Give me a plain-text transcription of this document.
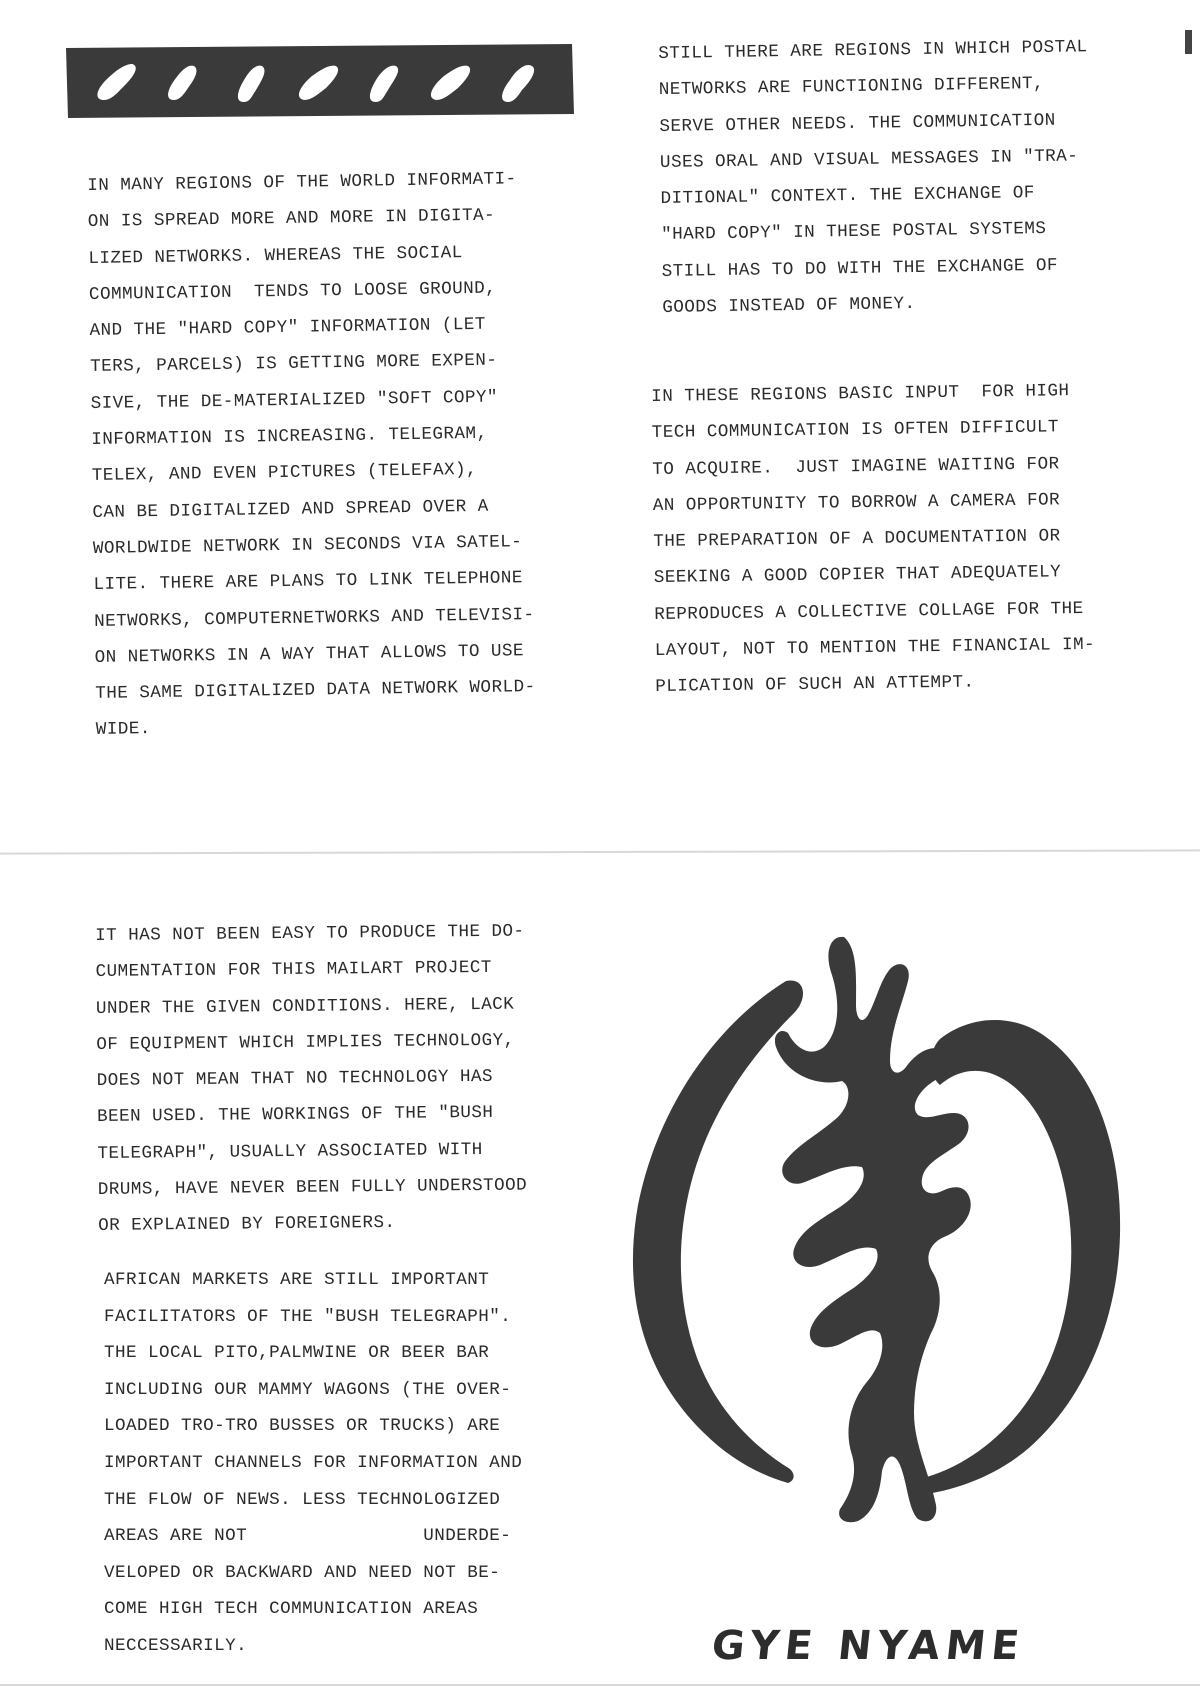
IN MANY REGIONS OF THE WORLD INFORMATI-
ON IS SPREAD MORE AND MORE IN DIGITA-
LIZED NETWORKS. WHEREAS THE SOCIAL
COMMUNICATION  TENDS TO LOOSE GROUND,
AND THE "HARD COPY" INFORMATION (LET
TERS, PARCELS) IS GETTING MORE EXPEN-
SIVE, THE DE-MATERIALIZED "SOFT COPY"
INFORMATION IS INCREASING. TELEGRAM,
TELEX, AND EVEN PICTURES (TELEFAX),
CAN BE DIGITALIZED AND SPREAD OVER A
WORLDWIDE NETWORK IN SECONDS VIA SATEL-
LITE. THERE ARE PLANS TO LINK TELEPHONE
NETWORKS, COMPUTERNETWORKS AND TELEVISI-
ON NETWORKS IN A WAY THAT ALLOWS TO USE
THE SAME DIGITALIZED DATA NETWORK WORLD-
WIDE.
STILL THERE ARE REGIONS IN WHICH POSTAL
NETWORKS ARE FUNCTIONING DIFFERENT,
SERVE OTHER NEEDS. THE COMMUNICATION
USES ORAL AND VISUAL MESSAGES IN "TRA-
DITIONAL" CONTEXT. THE EXCHANGE OF
"HARD COPY" IN THESE POSTAL SYSTEMS
STILL HAS TO DO WITH THE EXCHANGE OF
GOODS INSTEAD OF MONEY.
IN THESE REGIONS BASIC INPUT  FOR HIGH
TECH COMMUNICATION IS OFTEN DIFFICULT
TO ACQUIRE.  JUST IMAGINE WAITING FOR
AN OPPORTUNITY TO BORROW A CAMERA FOR
THE PREPARATION OF A DOCUMENTATION OR
SEEKING A GOOD COPIER THAT ADEQUATELY
REPRODUCES A COLLECTIVE COLLAGE FOR THE
LAYOUT, NOT TO MENTION THE FINANCIAL IM-
PLICATION OF SUCH AN ATTEMPT.
IT HAS NOT BEEN EASY TO PRODUCE THE DO-
CUMENTATION FOR THIS MAILART PROJECT
UNDER THE GIVEN CONDITIONS. HERE, LACK
OF EQUIPMENT WHICH IMPLIES TECHNOLOGY,
DOES NOT MEAN THAT NO TECHNOLOGY HAS
BEEN USED. THE WORKINGS OF THE "BUSH
TELEGRAPH", USUALLY ASSOCIATED WITH
DRUMS, HAVE NEVER BEEN FULLY UNDERSTOOD
OR EXPLAINED BY FOREIGNERS.
AFRICAN MARKETS ARE STILL IMPORTANT
FACILITATORS OF THE "BUSH TELEGRAPH".
THE LOCAL PITO,PALMWINE OR BEER BAR
INCLUDING OUR MAMMY WAGONS (THE OVER-
LOADED TRO-TRO BUSSES OR TRUCKS) ARE
IMPORTANT CHANNELS FOR INFORMATION AND
THE FLOW OF NEWS. LESS TECHNOLOGIZED
AREAS ARE NOT                UNDERDE-
VELOPED OR BACKWARD AND NEED NOT BE-
COME HIGH TECH COMMUNICATION AREAS
NECCESSARILY.	GYE NYAME
